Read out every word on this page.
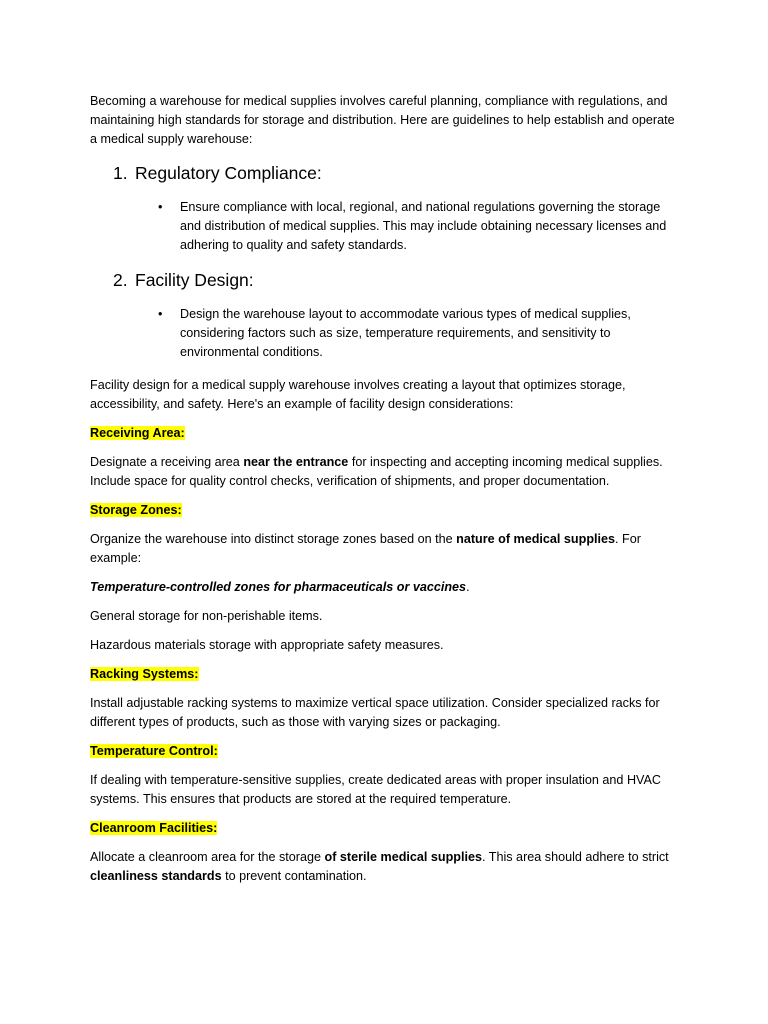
Becoming a warehouse for medical supplies involves careful planning, compliance with regulations, and maintaining high standards for storage and distribution. Here are guidelines to help establish and operate a medical supply warehouse:

1. Regulatory Compliance:
•	Ensure compliance with local, regional, and national regulations governing the storage and distribution of medical supplies. This may include obtaining necessary licenses and adhering to quality and safety standards.
2. Facility Design:
•	Design the warehouse layout to accommodate various types of medical supplies, considering factors such as size, temperature requirements, and sensitivity to environmental conditions.

Facility design for a medical supply warehouse involves creating a layout that optimizes storage, accessibility, and safety. Here's an example of facility design considerations:

Receiving Area:

Designate a receiving area near the entrance for inspecting and accepting incoming medical supplies. Include space for quality control checks, verification of shipments, and proper documentation.

Storage Zones:

Organize the warehouse into distinct storage zones based on the nature of medical supplies. For example:

Temperature-controlled zones for pharmaceuticals or vaccines.

General storage for non-perishable items.

Hazardous materials storage with appropriate safety measures.

Racking Systems:

Install adjustable racking systems to maximize vertical space utilization. Consider specialized racks for different types of products, such as those with varying sizes or packaging.

Temperature Control:

If dealing with temperature-sensitive supplies, create dedicated areas with proper insulation and HVAC systems. This ensures that products are stored at the required temperature.

Cleanroom Facilities:

Allocate a cleanroom area for the storage of sterile medical supplies. This area should adhere to strict cleanliness standards to prevent contamination.
